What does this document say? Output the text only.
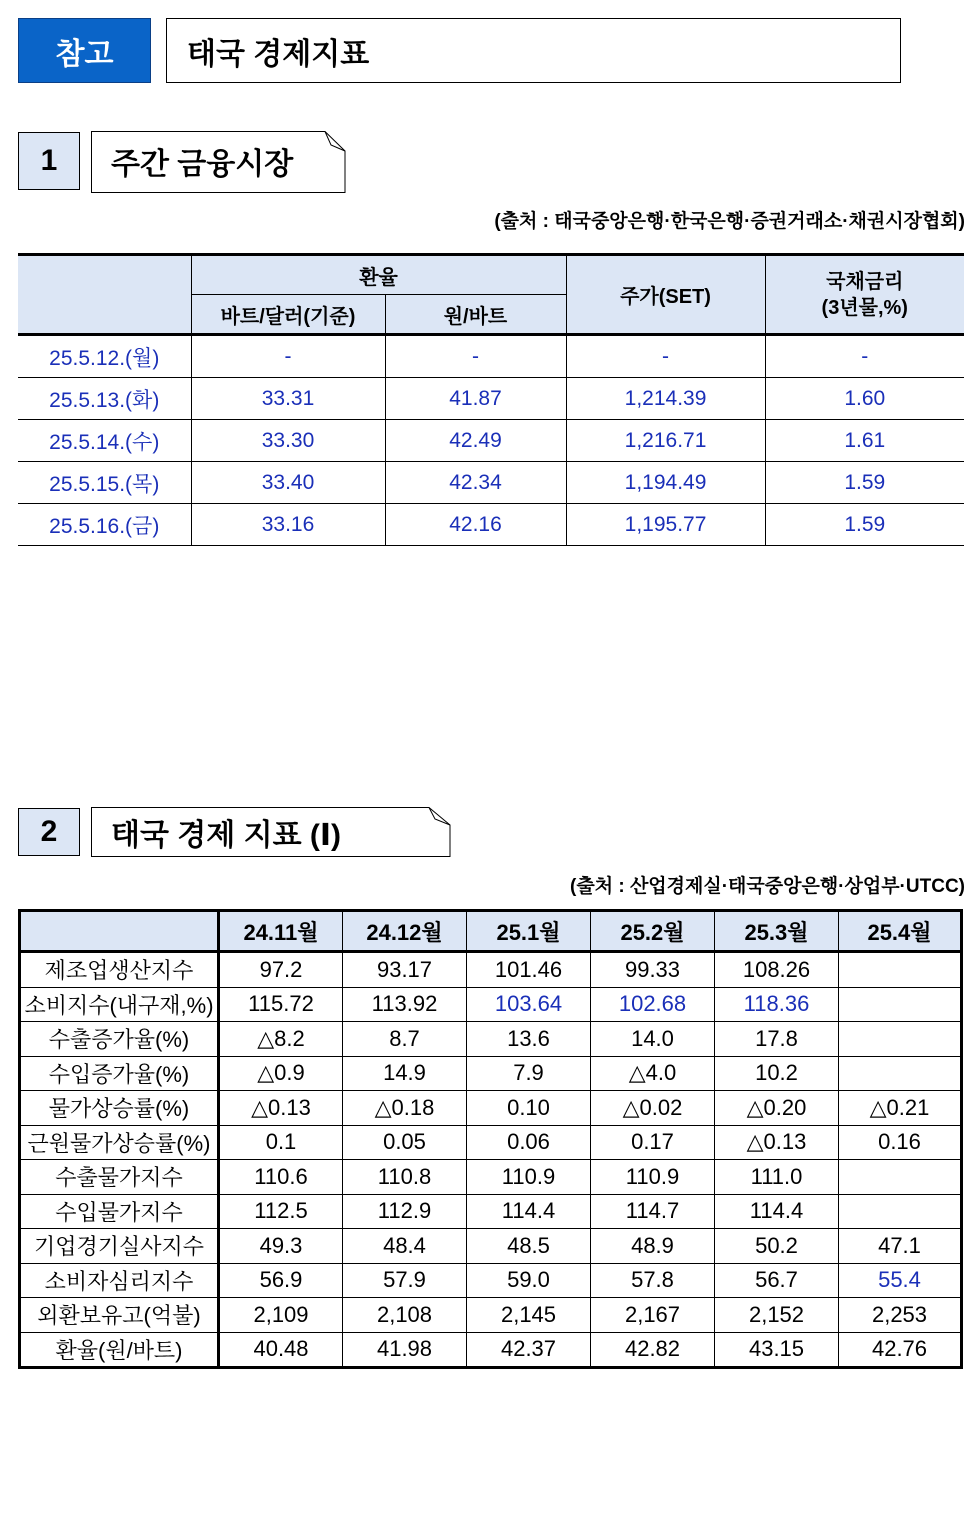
참고	태국 경제지표
1	주간 금융시장
(출처 : 태국중앙은행·한국은행·증권거래소·채권시장협회)
	환율		주가(SET)	국채금리
(3년물,%)
	바트/달러(기준)	원/바트		
25.5.12.(월)	-	-	-	-
25.5.13.(화)	33.31	41.87	1,214.39	1.60
25.5.14.(수)	33.30	42.49	1,216.71	1.61
25.5.15.(목)	33.40	42.34	1,194.49	1.59
25.5.16.(금)	33.16	42.16	1,195.77	1.59
2	태국 경제 지표 (Ⅰ)
(출처 : 산업경제실·태국중앙은행·상업부·UTCC)
	24.11월	24.12월	25.1월	25.2월	25.3월	25.4월
제조업생산지수	97.2	93.17	101.46	99.33	108.26	
소비지수(내구재,%)	115.72	113.92	103.64	102.68	118.36	
수출증가율(%)	△8.2	8.7	13.6	14.0	17.8	
수입증가율(%)	△0.9	14.9	7.9	△4.0	10.2	
물가상승률(%)	△0.13	△0.18	0.10	△0.02	△0.20	△0.21
근원물가상승률(%)	0.1	0.05	0.06	0.17	△0.13	0.16
수출물가지수	110.6	110.8	110.9	110.9	111.0	
수입물가지수	112.5	112.9	114.4	114.7	114.4	
기업경기실사지수	49.3	48.4	48.5	48.9	50.2	47.1
소비자심리지수	56.9	57.9	59.0	57.8	56.7	55.4
외환보유고(억불)	2,109	2,108	2,145	2,167	2,152	2,253
환율(원/바트)	40.48	41.98	42.37	42.82	43.15	42.76
